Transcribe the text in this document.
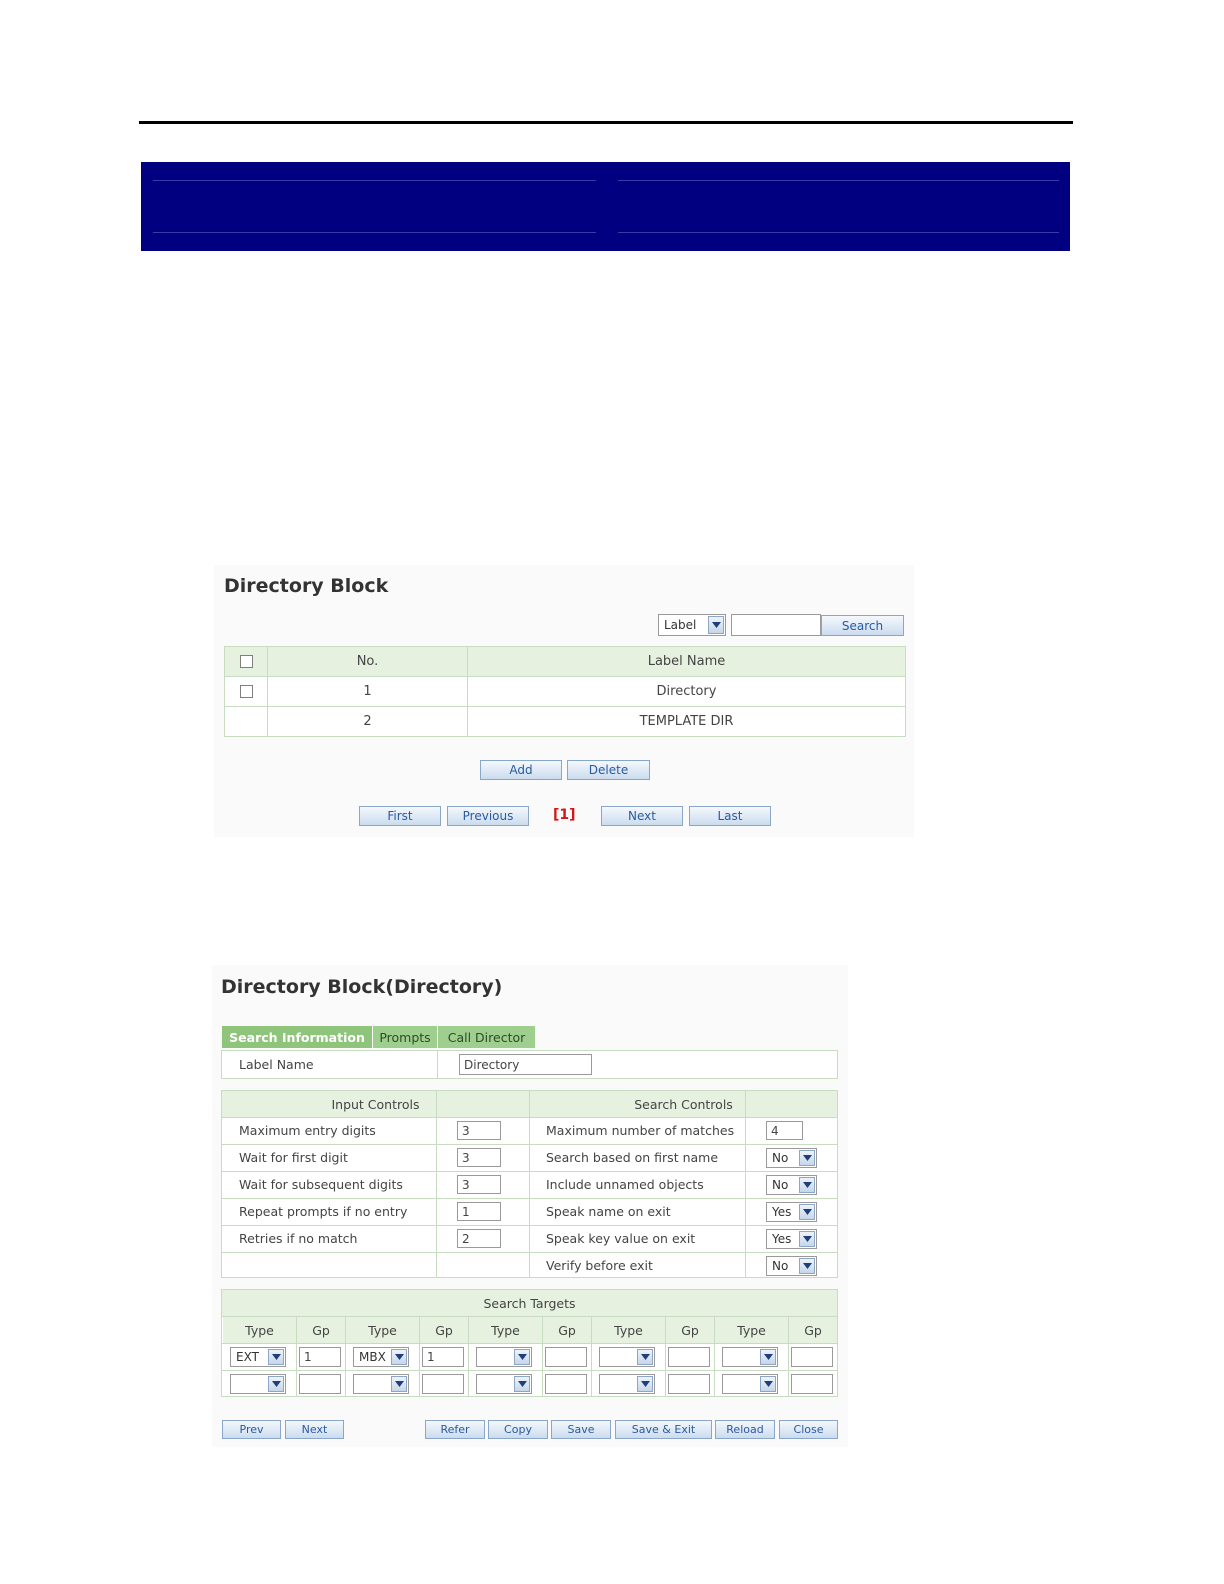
Directory Block
Label	Search
	No.	Label Name
	1	Directory
	2	TEMPLATE DIR
Add	Delete
First	Previous	[1]	Next	Last
Directory Block(Directory)
Search Information	Prompts	Call Director
Label Name	Directory
Input Controls	Search Controls
Search Targets
Prev	Next	Refer	Copy	Save	Save & Exit	Reload	Close
Maximum entry digits	3	Maximum number of matches	4
Wait for first digit	3	Search based on first name	No
Wait for subsequent digits	3	Include unnamed objects	No
Repeat prompts if no entry	1	Speak name on exit	Yes
Retries if no match	2	Speak key value on exit	Yes
Verify before exit	No
Type	Gp	Type	Gp	Type	Gp	Type	Gp	Type	Gp
EXT	1	MBX	1
